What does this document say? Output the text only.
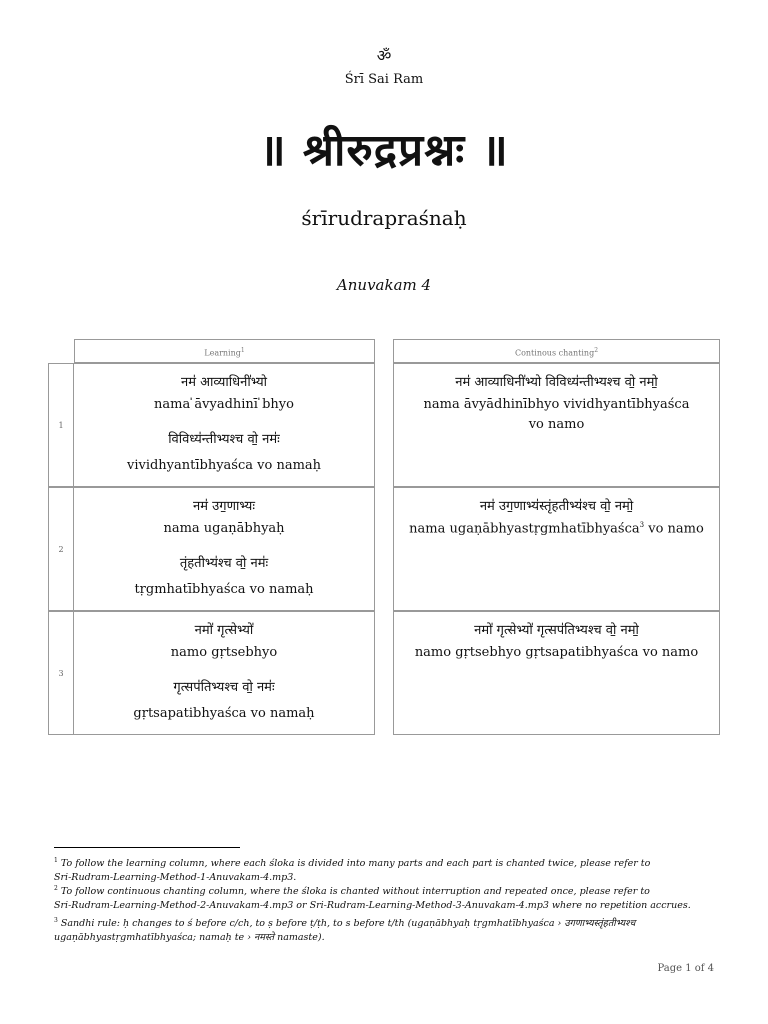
ॐ
Śrī Sai Ram
॥ श्रीरुद्रप्रश्नः ॥
śrīrudrapraśnaḥ
Anuvakam 4
Learning$^1$	Continous chanting$^2$
1
नम॑ आव्याधिनी॑भ्यो
nama ̍āvyadhinī ̍bhyo
विविध्य॑न्तीभ्यश्च वो॒ नमः॑
vividhyantībhyaśca vo namaḥ
नम॑ आव्याधिनी॑भ्यो विविध्य॑न्तीभ्यश्च वो॒ नमो॒
nama āvyādhinībhyo vividhyantībhyaśca
vo namo
2
नम॑ उग॒णाभ्यः
nama ugaṇābhyaḥ
तृंहतीभ्य॑श्च वो॒ नमः॑
tṛgmhatībhyaśca vo namaḥ
नम॑ उग॒णाभ्य॑स्तृंहतीभ्य॑श्च वो॒ नमो॒
nama ugaṇābhyastṛgmhatībhyaśca$^3$ vo namo
3
नमो॑ गृत्सेभ्यो॑
namo gṛtsebhyo
गृत्सप॑तिभ्यश्च वो॒ नमः॑
gṛtsapatibhyaśca vo namaḥ
नमो॑ गृत्सेभ्यो॑ गृत्सप॑तिभ्यश्च वो॒ नमो॒
namo gṛtsebhyo gṛtsapatibhyaśca vo namo
$^1$ To follow the learning column, where each śloka is divided into many parts and each part is chanted twice, please refer to
Sri-Rudram-Learning-Method-1-Anuvakam-4.mp3.
$^2$ To follow continuous chanting column, where the śloka is chanted without interruption and repeated once, please refer to
Sri-Rudram-Learning-Method-2-Anuvakam-4.mp3 or Sri-Rudram-Learning-Method-3-Anuvakam-4.mp3 where no repetition accrues.
$^3$ Sandhi rule: ḥ changes to ś before c/ch, to ṣ before ṭ/ṭh, to s before t/th (ugaṇābhyaḥ tṛgmhatībhyaśca › उगणाभ्यस्तृंहतीभ्यश्च
ugaṇābhyastṛgmhatībhyaśca; namaḥ te › नमस्ते namaste).
Page 1 of 4
